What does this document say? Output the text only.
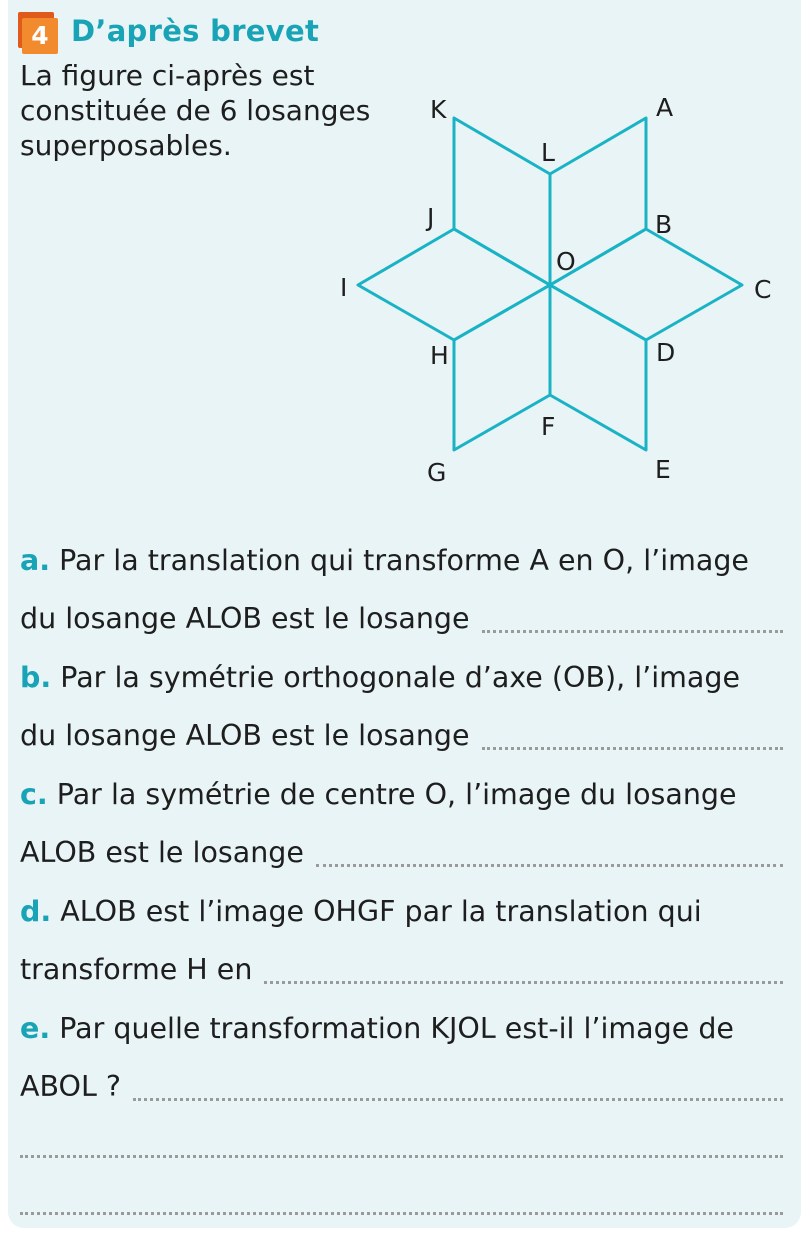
4 D’après brevet
La figure ci-après est constituée de 6 losanges superposables.
K	A
L
J	B
O
I	C
H	D
F
G	E
a. Par la translation qui transforme A en O, l’image
du losange ALOB est le losange
b. Par la symétrie orthogonale d’axe (OB), l’image
du losange ALOB est le losange
c. Par la symétrie de centre O, l’image du losange
ALOB est le losange
d. ALOB est l’image OHGF par la translation qui
transforme H en
e. Par quelle transformation KJOL est-il l’image de
ABOL ?
